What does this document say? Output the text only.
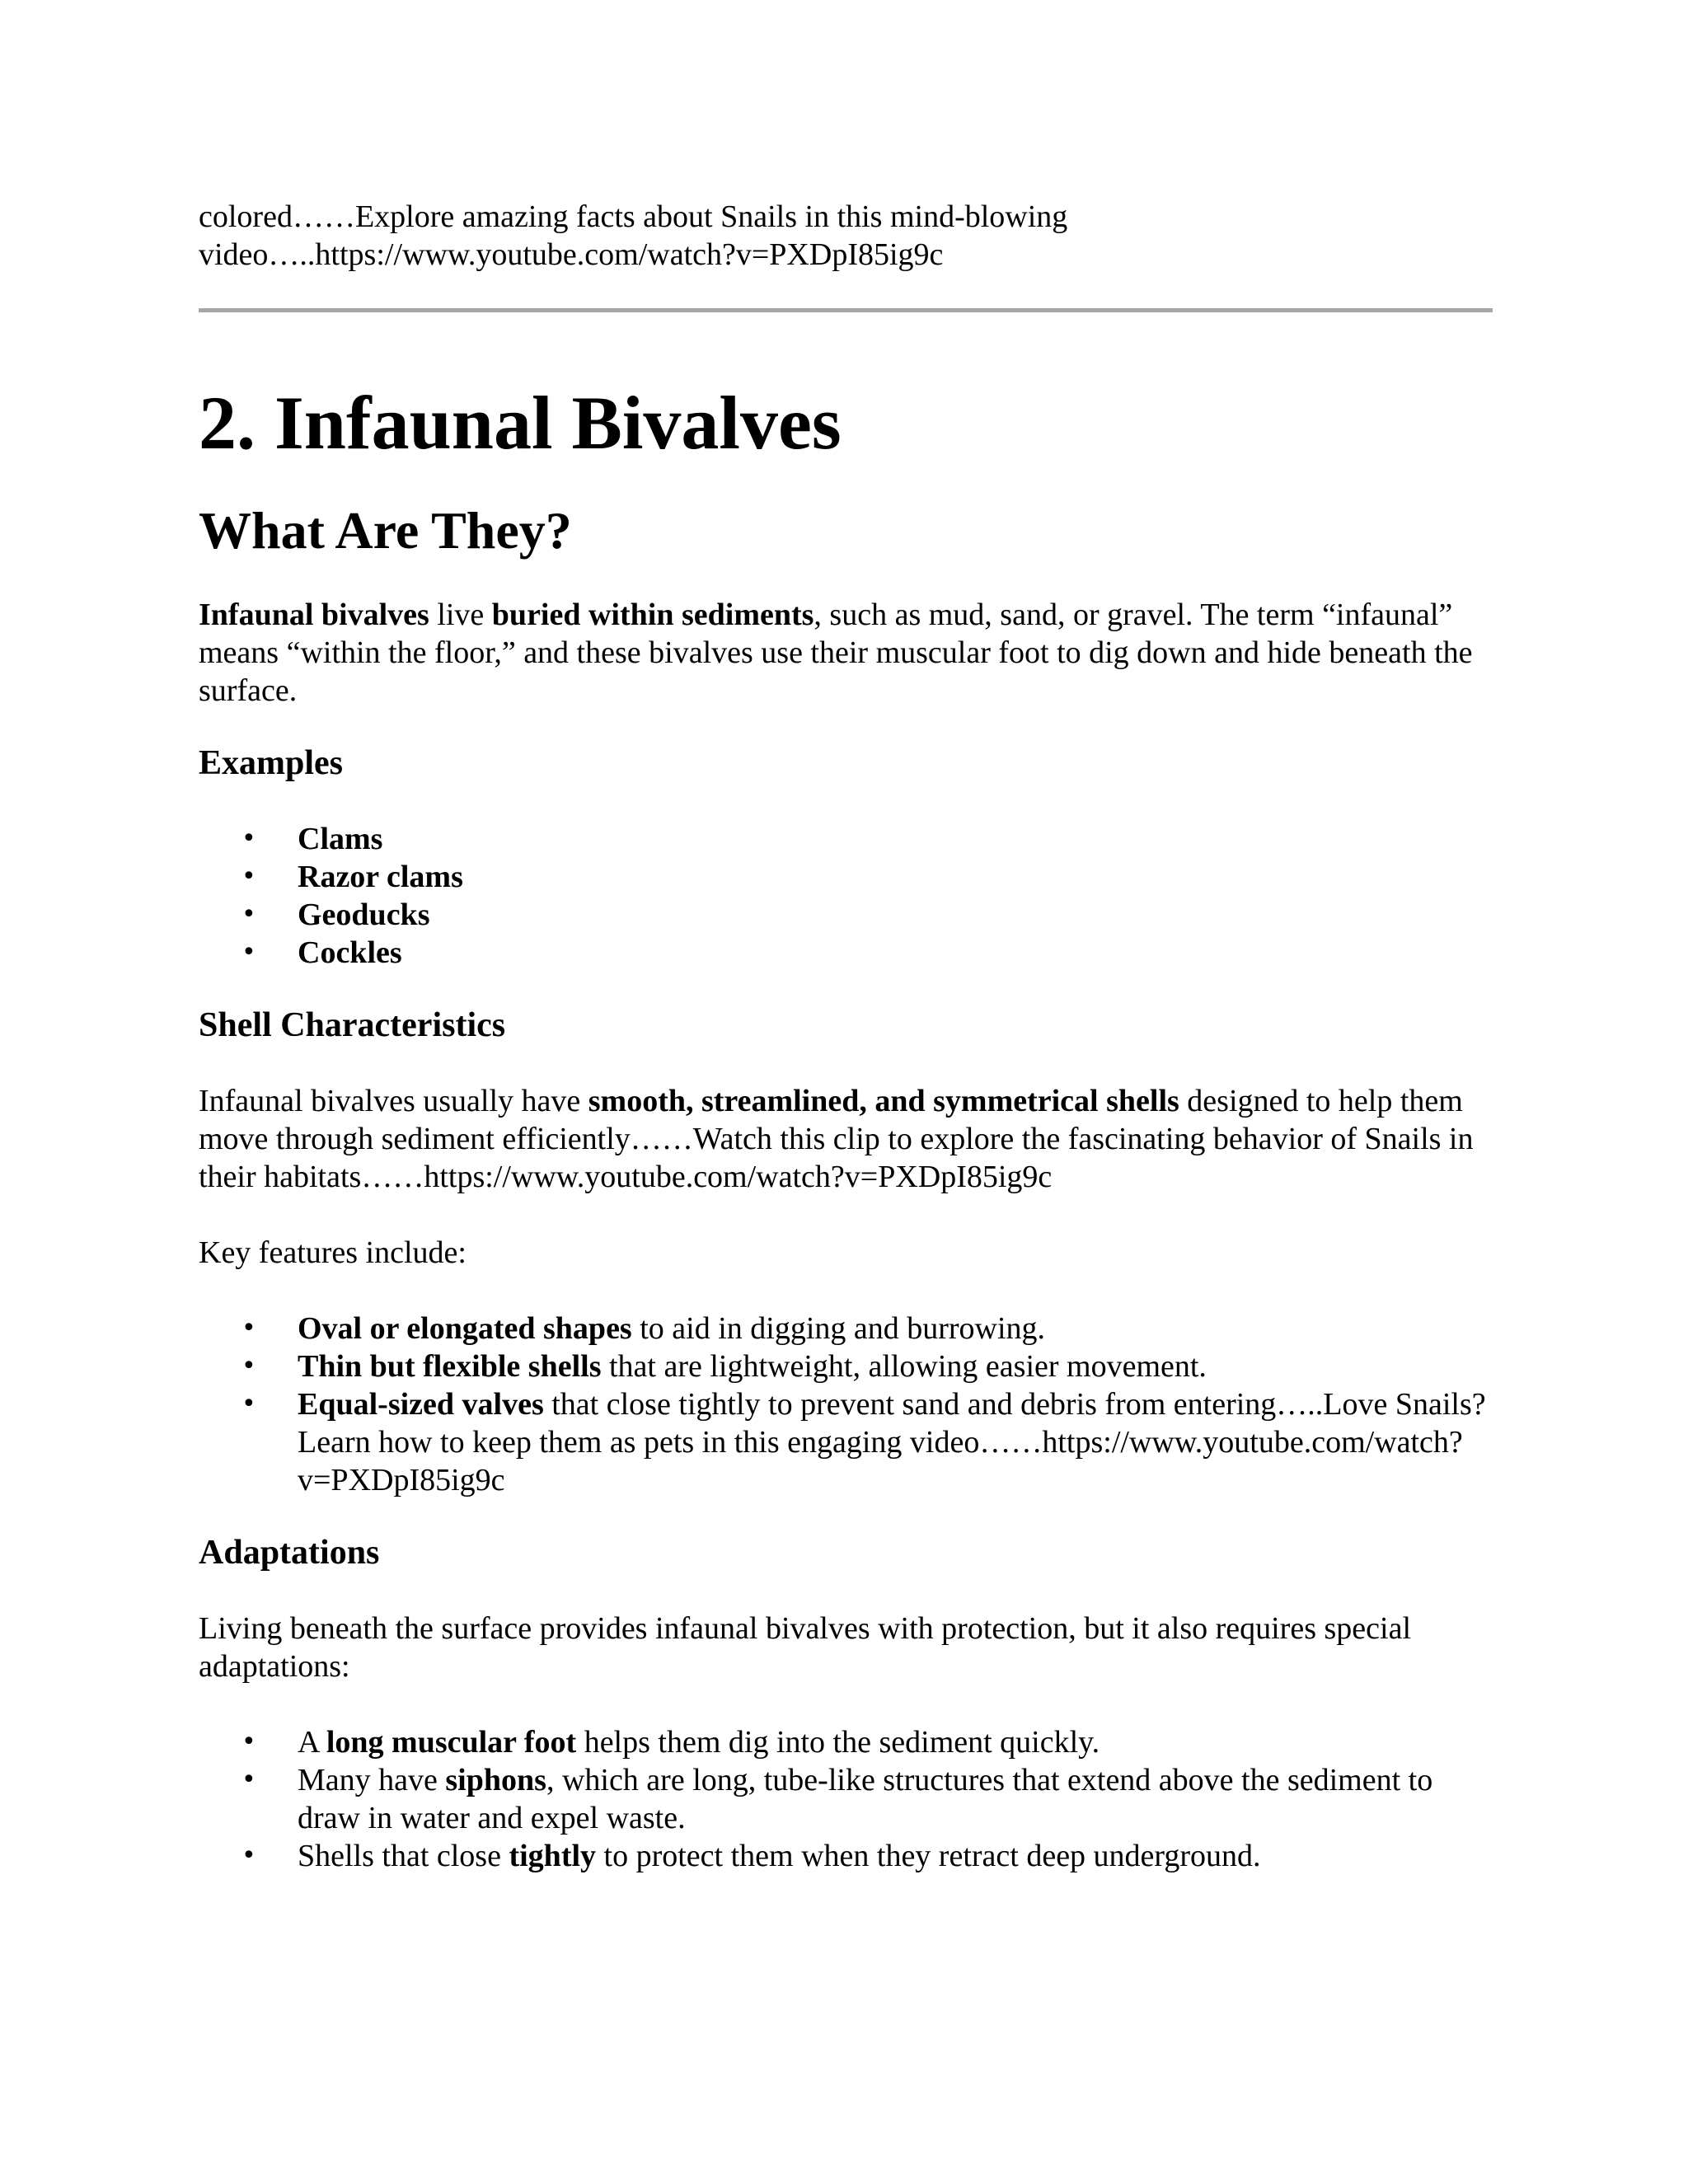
colored……Explore amazing facts about Snails in this mind-blowing video…..https://www.youtube.com/watch?v=PXDpI85ig9c

2. Infaunal Bivalves
What Are They?

Infaunal bivalves live buried within sediments, such as mud, sand, or gravel. The term “infaunal” means “within the floor,” and these bivalves use their muscular foot to dig down and hide beneath the surface.

Examples
• Clams
• Razor clams
• Geoducks
• Cockles
Shell Characteristics

Infaunal bivalves usually have smooth, streamlined, and symmetrical shells designed to help them move through sediment efficiently……Watch this clip to explore the fascinating behavior of Snails in their habitats……https://www.youtube.com/watch?v=PXDpI85ig9c

Key features include:

• Oval or elongated shapes to aid in digging and burrowing.
• Thin but flexible shells that are lightweight, allowing easier movement.
• Equal-sized valves that close tightly to prevent sand and debris from entering…..Love Snails? Learn how to keep them as pets in this engaging video……https://www.youtube.com/watch?v=PXDpI85ig9c
Adaptations

Living beneath the surface provides infaunal bivalves with protection, but it also requires special adaptations:

• A long muscular foot helps them dig into the sediment quickly.
• Many have siphons, which are long, tube-like structures that extend above the sediment to draw in water and expel waste.
• Shells that close tightly to protect them when they retract deep underground.
